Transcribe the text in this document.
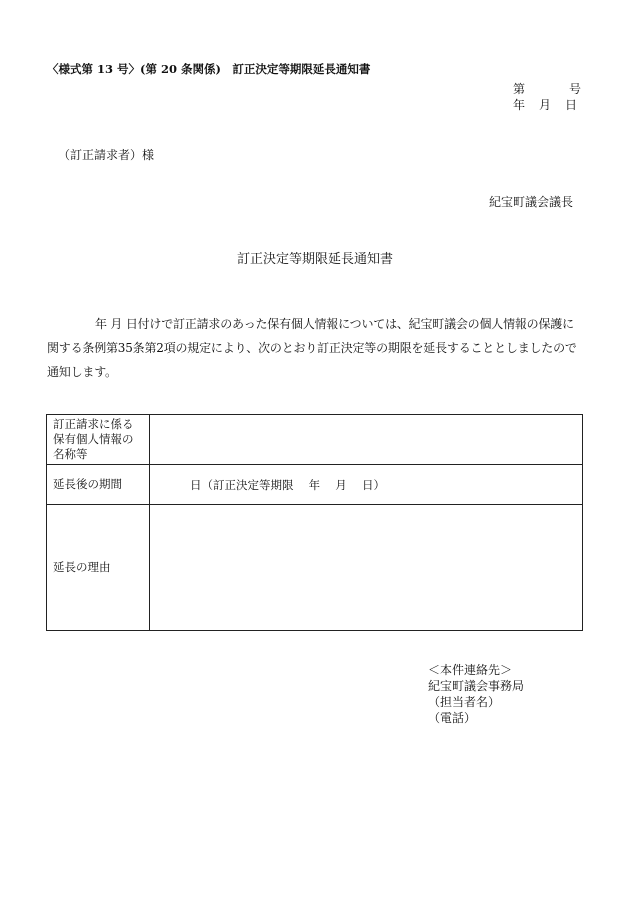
〈様式第 13 号〉(第 20 条関係)　訂正決定等期限延長通知書
第	号
年 月 日
（訂正請求者）様
紀宝町議会議長
訂正決定等期限延長通知書
年 月 日付けで訂正請求のあった保有個人情報については、紀宝町議会の個人情報の保護に関する条例第35条第2項の規定により、次のとおり訂正決定等の期限を延長することとしましたので通知します。
訂正請求に係る保有個人情報の名称等	
延長後の期間	日（訂正決定等期限　 年　 月　 日）
延長の理由	
＜本件連絡先＞
紀宝町議会事務局
（担当者名）
（電話）
